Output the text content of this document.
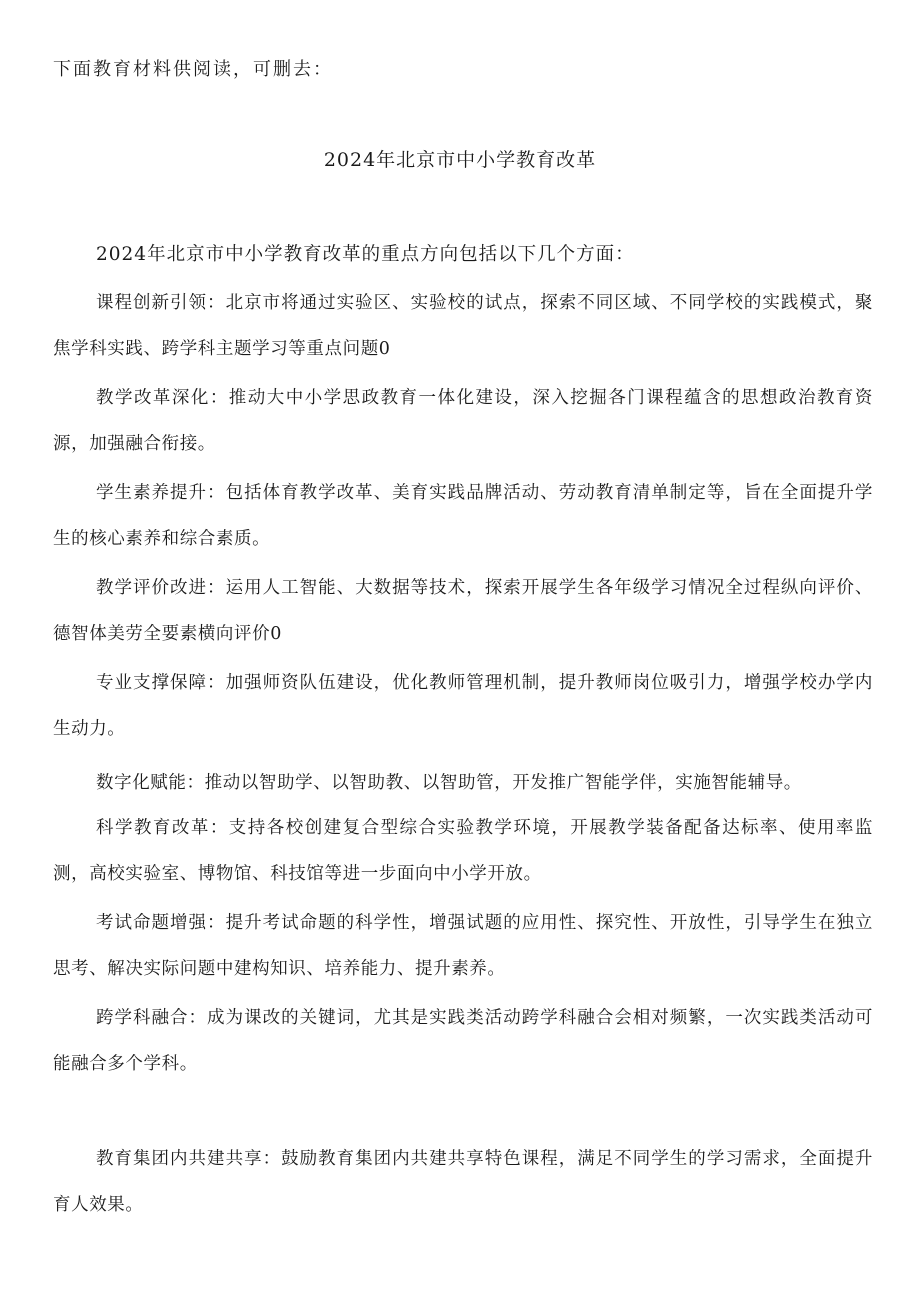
下面教育材料供阅读，可删去：
2024年北京市中小学教育改革
2024年北京市中小学教育改革的重点方向包括以下几个方面：
课程创新引领：北京市将通过实验区、实验校的试点，探索不同区域、不同学校的实践模式，聚焦学科实践、跨学科主题学习等重点问题0
教学改革深化：推动大中小学思政教育一体化建设，深入挖掘各门课程蕴含的思想政治教育资源，加强融合衔接。
学生素养提升：包括体育教学改革、美育实践品牌活动、劳动教育清单制定等，旨在全面提升学生的核心素养和综合素质。
教学评价改进：运用人工智能、大数据等技术，探索开展学生各年级学习情况全过程纵向评价、德智体美劳全要素横向评价0
专业支撑保障：加强师资队伍建设，优化教师管理机制，提升教师岗位吸引力，增强学校办学内生动力。
数字化赋能：推动以智助学、以智助教、以智助管，开发推广智能学伴，实施智能辅导。
科学教育改革：支持各校创建复合型综合实验教学环境，开展教学装备配备达标率、使用率监测，高校实验室、博物馆、科技馆等进一步面向中小学开放。
考试命题增强：提升考试命题的科学性，增强试题的应用性、探究性、开放性，引导学生在独立思考、解决实际问题中建构知识、培养能力、提升素养。
跨学科融合：成为课改的关键词，尤其是实践类活动跨学科融合会相对频繁，一次实践类活动可能融合多个学科。
教育集团内共建共享：鼓励教育集团内共建共享特色课程，满足不同学生的学习需求，全面提升育人效果。
